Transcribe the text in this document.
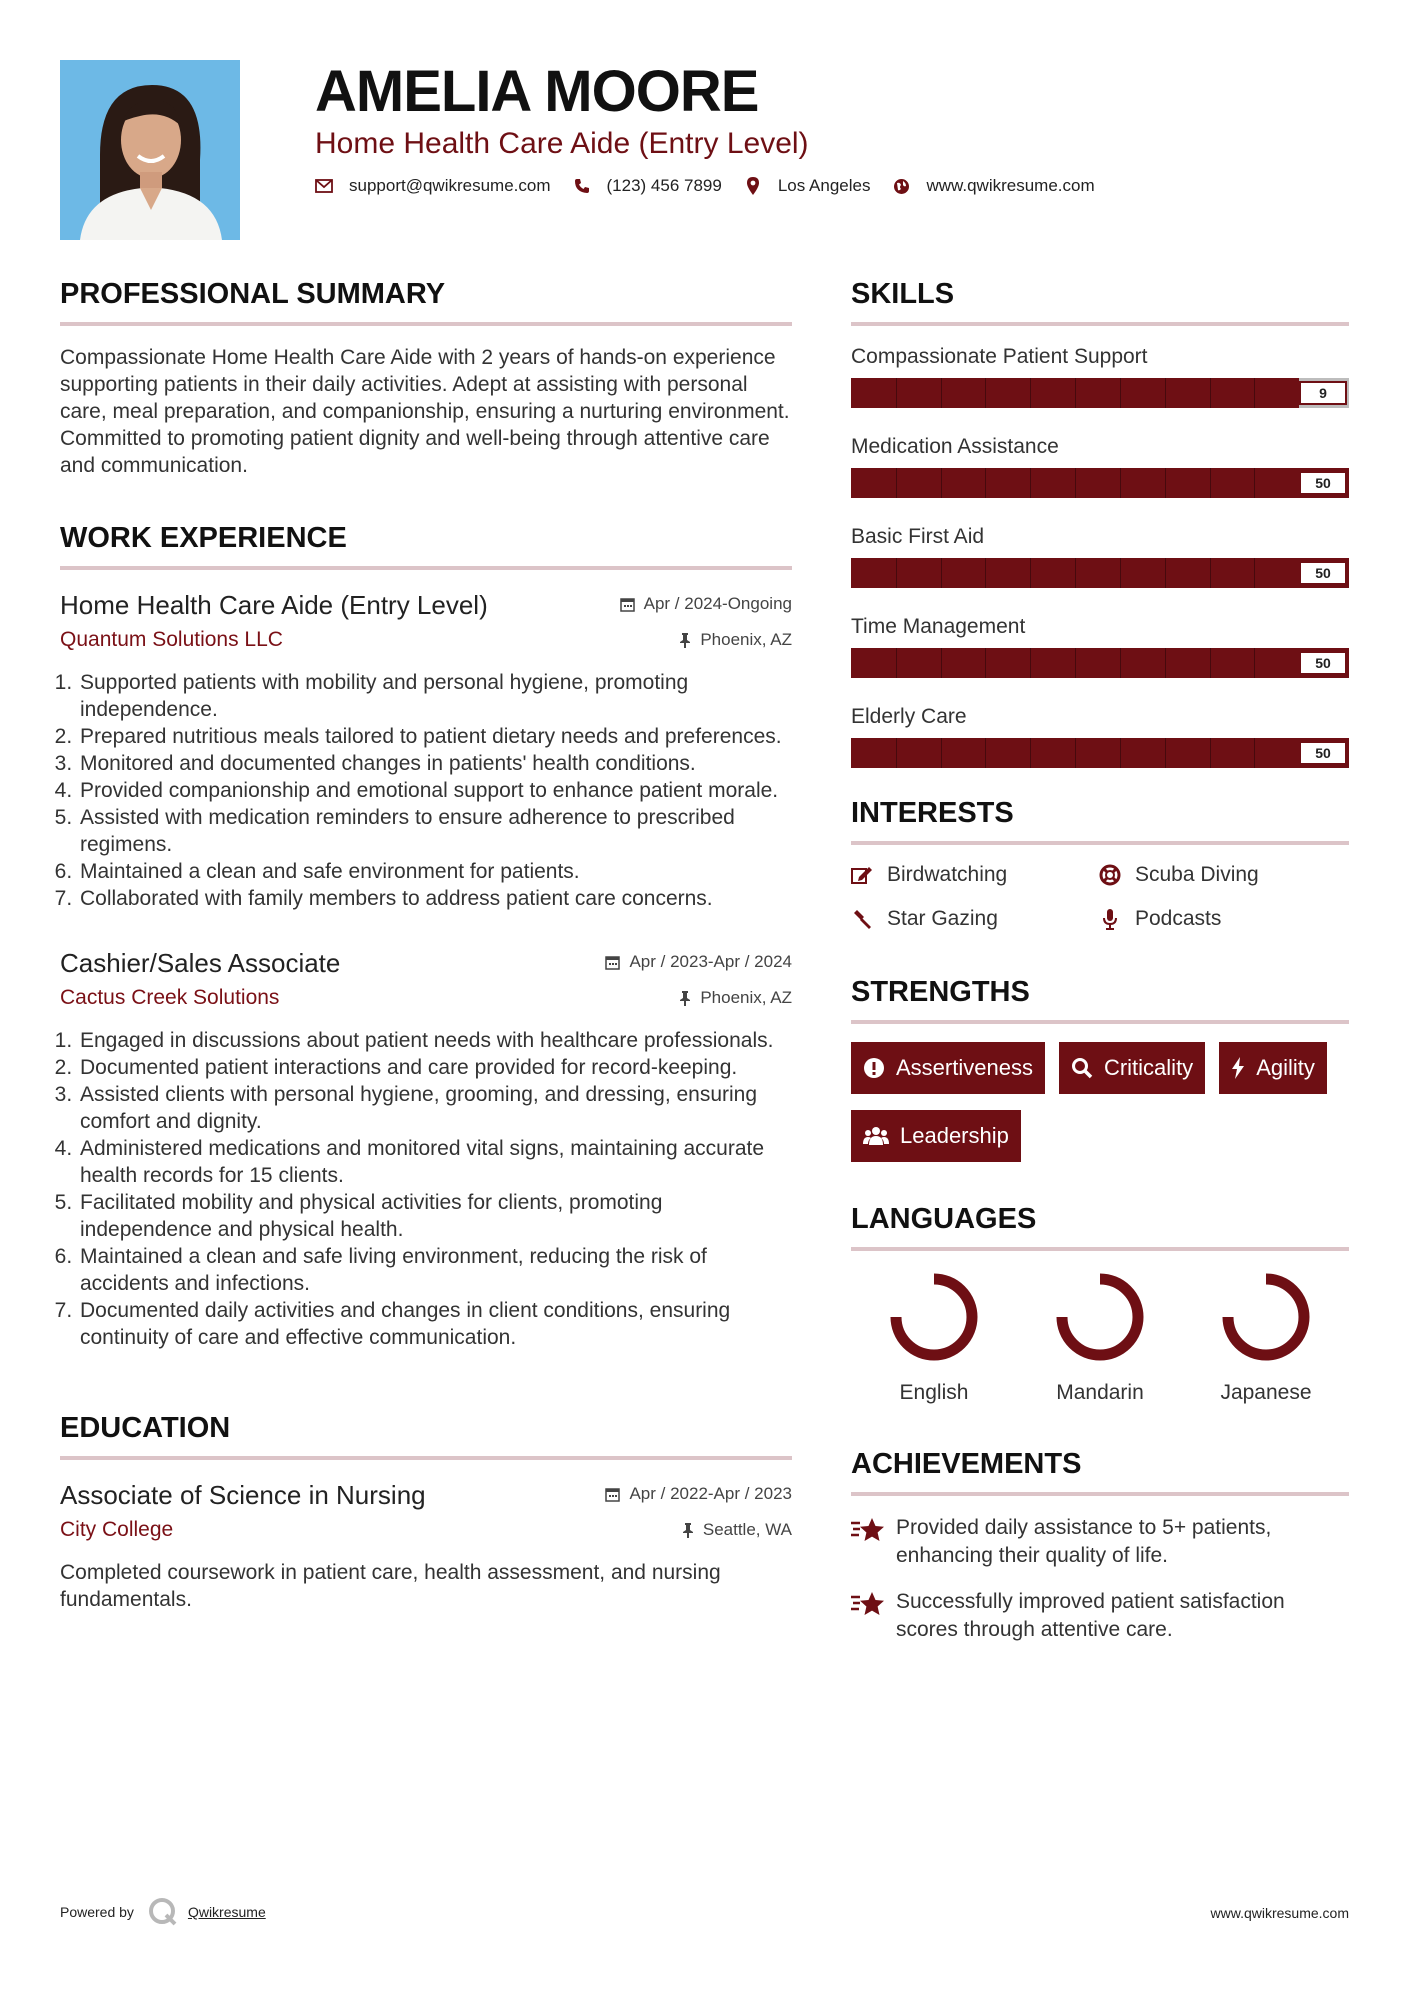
AMELIA MOORE
Home Health Care Aide (Entry Level)
support@qwikresume.com	(123) 456 7899	Los Angeles	www.qwikresume.com
PROFESSIONAL SUMMARY

Compassionate Home Health Care Aide with 2 years of hands-on experience supporting patients in their daily activities. Adept at assisting with personal care, meal preparation, and companionship, ensuring a nurturing environment. Committed to promoting patient dignity and well-being through attentive care and communication.

WORK EXPERIENCE
Home Health Care Aide (Entry Level)
Quantum Solutions LLC
Apr / 2024-Ongoing
Phoenix, AZ
1. Supported patients with mobility and personal hygiene, promoting independence.
2. Prepared nutritious meals tailored to patient dietary needs and preferences.
3. Monitored and documented changes in patients' health conditions.
4. Provided companionship and emotional support to enhance patient morale.
5. Assisted with medication reminders to ensure adherence to prescribed regimens.
6. Maintained a clean and safe environment for patients.
7. Collaborated with family members to address patient care concerns.
Cashier/Sales Associate
Cactus Creek Solutions
Apr / 2023-Apr / 2024
Phoenix, AZ
1. Engaged in discussions about patient needs with healthcare professionals.
2. Documented patient interactions and care provided for record-keeping.
3. Assisted clients with personal hygiene, grooming, and dressing, ensuring comfort and dignity.
4. Administered medications and monitored vital signs, maintaining accurate health records for 15 clients.
5. Facilitated mobility and physical activities for clients, promoting independence and physical health.
6. Maintained a clean and safe living environment, reducing the risk of accidents and infections.
7. Documented daily activities and changes in client conditions, ensuring continuity of care and effective communication.
EDUCATION
Associate of Science in Nursing
City College
Apr / 2022-Apr / 2023
Seattle, WA

Completed coursework in patient care, health assessment, and nursing fundamentals.

SKILLS
Compassionate Patient Support
9
Medication Assistance
50
Basic First Aid
50
Time Management
50
Elderly Care
50
INTERESTS
Birdwatching	Scuba Diving
Star Gazing	Podcasts
STRENGTHS
Assertiveness	Criticality	Agility
Leadership
LANGUAGES
English	Mandarin	Japanese
ACHIEVEMENTS
Provided daily assistance to 5+ patients, enhancing their quality of life.
Successfully improved patient satisfaction scores through attentive care.
Powered by	Qwikresume	www.qwikresume.com
